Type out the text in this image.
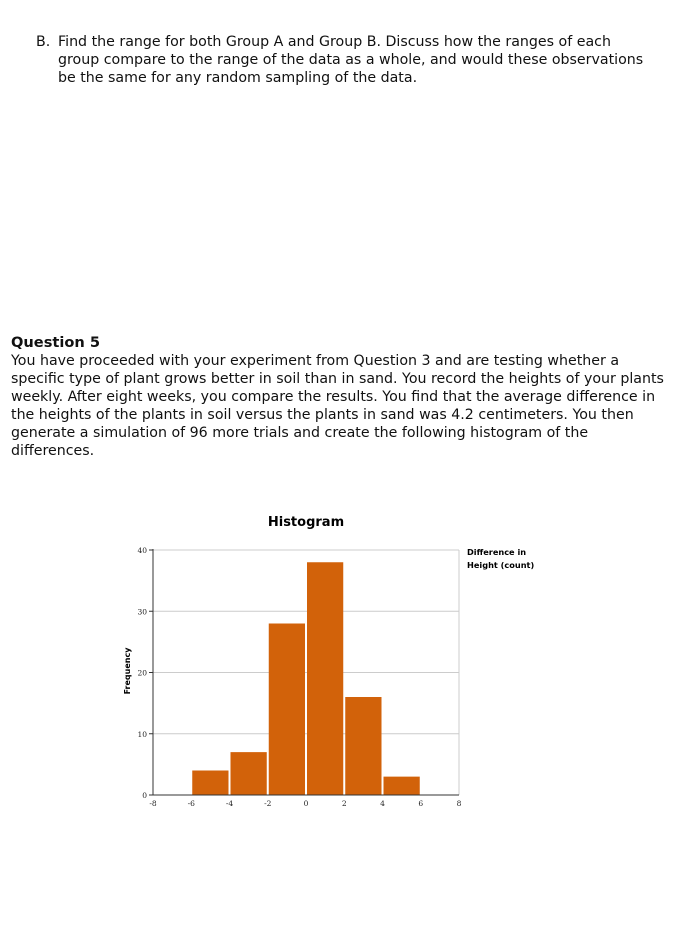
B. Find the range for both Group A and Group B. Discuss how the ranges of each group compare to the range of the data as a whole, and would these observations be the same for any random sampling of the data.
Question 5

You have proceeded with your experiment from Question 3 and are testing whether a specific type of plant grows better in soil than in sand. You record the heights of your plants weekly. After eight weeks, you compare the results. You find that the average difference in the heights of the plants in soil versus the plants in sand was 4.2 centimeters. You then generate a simulation of 96 more trials and create the following histogram of the differences.

Histogram
-8	-6	-4	-2	0	2	4	6	8
0
10
20
30
40
Frequency
Difference in
Height (count)
